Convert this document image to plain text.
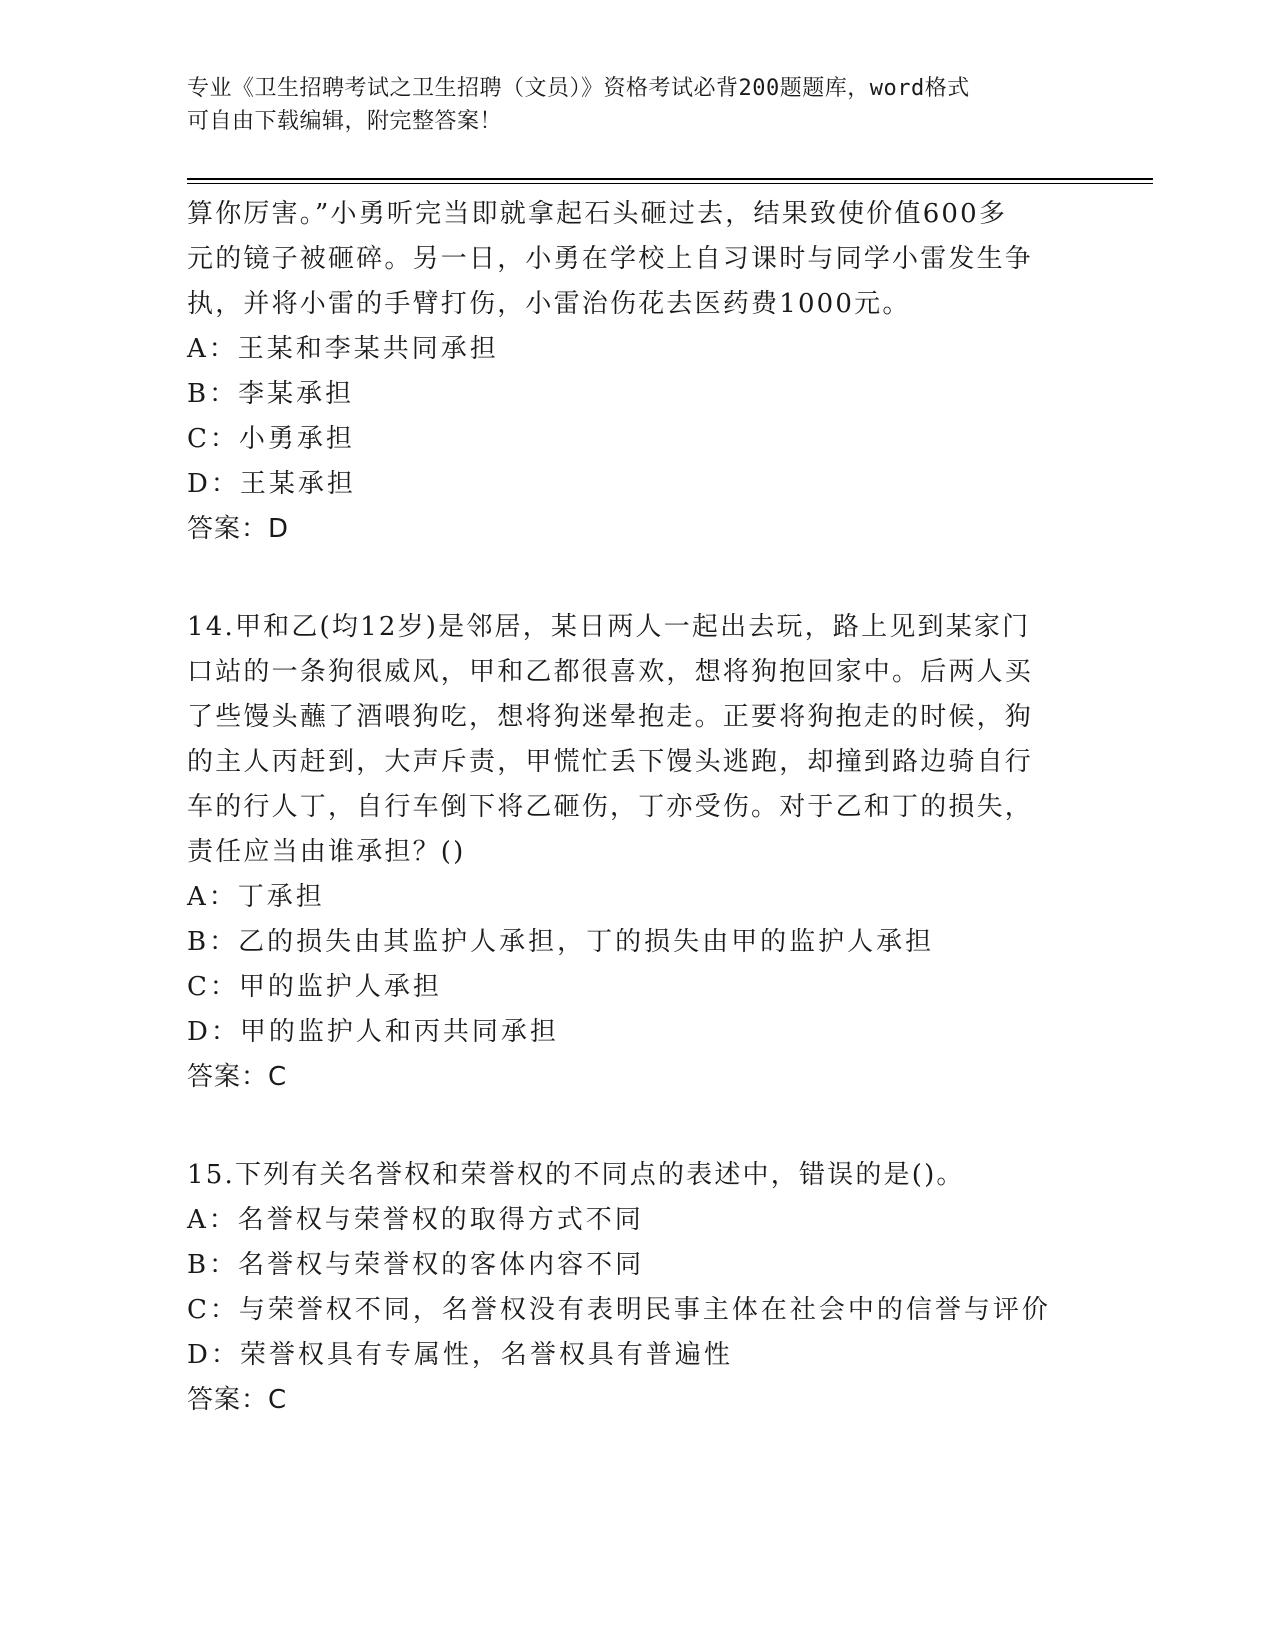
专业《卫生招聘考试之卫生招聘（文员）》资格考试必背200题题库，word格式
可自由下载编辑，附完整答案！
算你厉害。”小勇听完当即就拿起石头砸过去，结果致使价值600多
元的镜子被砸碎。另一日，小勇在学校上自习课时与同学小雷发生争
执，并将小雷的手臂打伤，小雷治伤花去医药费1000元。
A：王某和李某共同承担
B：李某承担
C：小勇承担
D：王某承担
答案：D
14.甲和乙(均12岁)是邻居，某日两人一起出去玩，路上见到某家门
口站的一条狗很威风，甲和乙都很喜欢，想将狗抱回家中。后两人买
了些馒头蘸了酒喂狗吃，想将狗迷晕抱走。正要将狗抱走的时候，狗
的主人丙赶到，大声斥责，甲慌忙丢下馒头逃跑，却撞到路边骑自行
车的行人丁，自行车倒下将乙砸伤，丁亦受伤。对于乙和丁的损失，
责任应当由谁承担？()
A：丁承担
B：乙的损失由其监护人承担，丁的损失由甲的监护人承担
C：甲的监护人承担
D：甲的监护人和丙共同承担
答案：C
15.下列有关名誉权和荣誉权的不同点的表述中，错误的是()。
A：名誉权与荣誉权的取得方式不同
B：名誉权与荣誉权的客体内容不同
C：与荣誉权不同，名誉权没有表明民事主体在社会中的信誉与评价
D：荣誉权具有专属性，名誉权具有普遍性
答案：C
